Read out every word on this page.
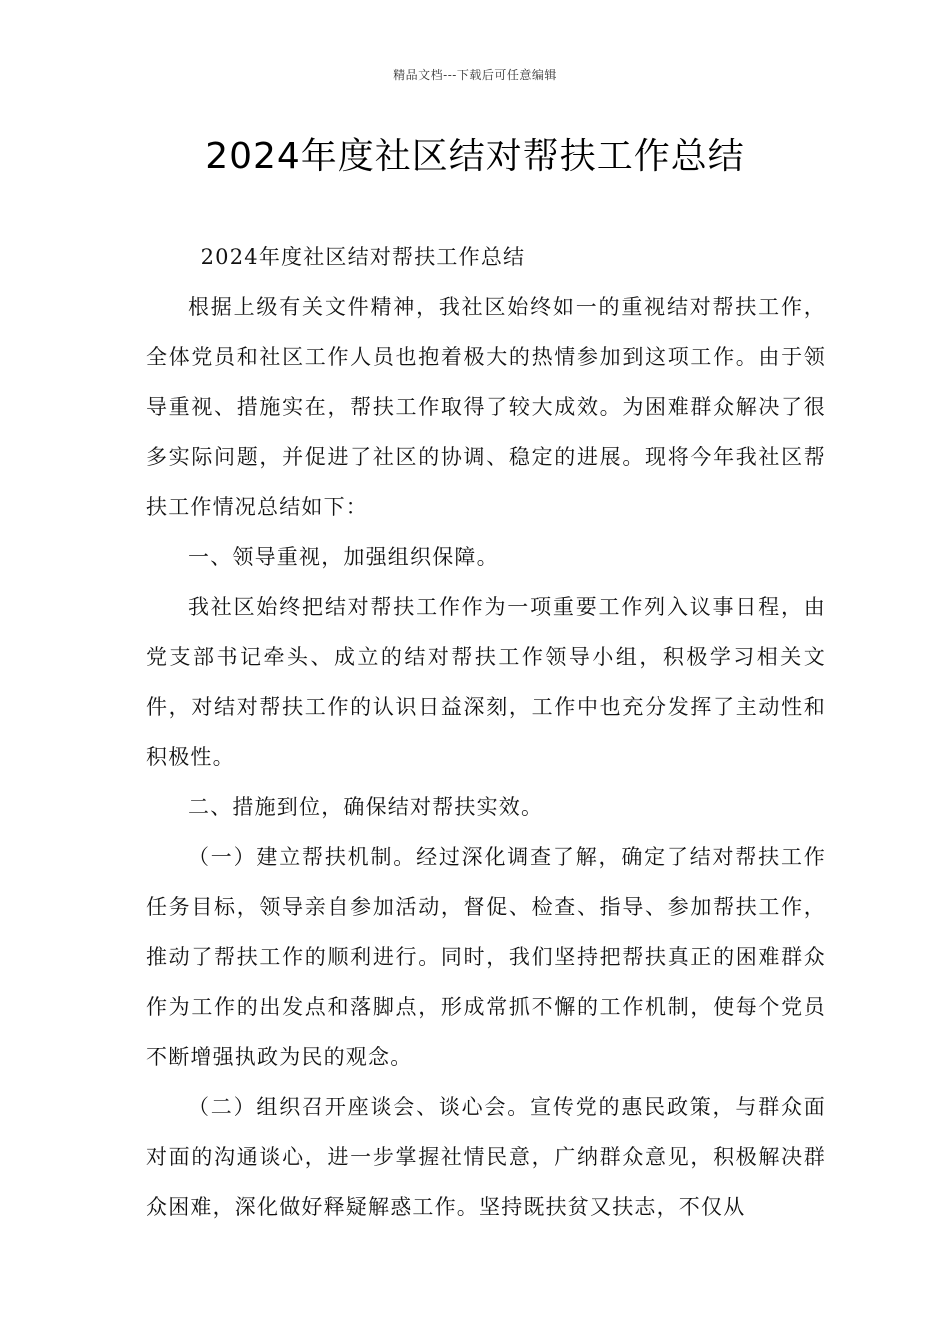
精品文档---下载后可任意编辑
2024年度社区结对帮扶工作总结

2024年度社区结对帮扶工作总结

根据上级有关文件精神，我社区始终如一的重视结对帮扶工作，全体党员和社区工作人员也抱着极大的热情参加到这项工作。由于领导重视、措施实在，帮扶工作取得了较大成效。为困难群众解决了很多实际问题，并促进了社区的协调、稳定的进展。现将今年我社区帮扶工作情况总结如下：

一、领导重视，加强组织保障。

我社区始终把结对帮扶工作作为一项重要工作列入议事日程，由党支部书记牵头、成立的结对帮扶工作领导小组，积极学习相关文件，对结对帮扶工作的认识日益深刻，工作中也充分发挥了主动性和积极性。

二、措施到位，确保结对帮扶实效。

（一）建立帮扶机制。经过深化调查了解，确定了结对帮扶工作任务目标，领导亲自参加活动，督促、检查、指导、参加帮扶工作，推动了帮扶工作的顺利进行。同时，我们坚持把帮扶真正的困难群众作为工作的出发点和落脚点，形成常抓不懈的工作机制，使每个党员不断增强执政为民的观念。

（二）组织召开座谈会、谈心会。宣传党的惠民政策，与群众面对面的沟通谈心，进一步掌握社情民意，广纳群众意见，积极解决群众困难，深化做好释疑解惑工作。坚持既扶贫又扶志，不仅从
